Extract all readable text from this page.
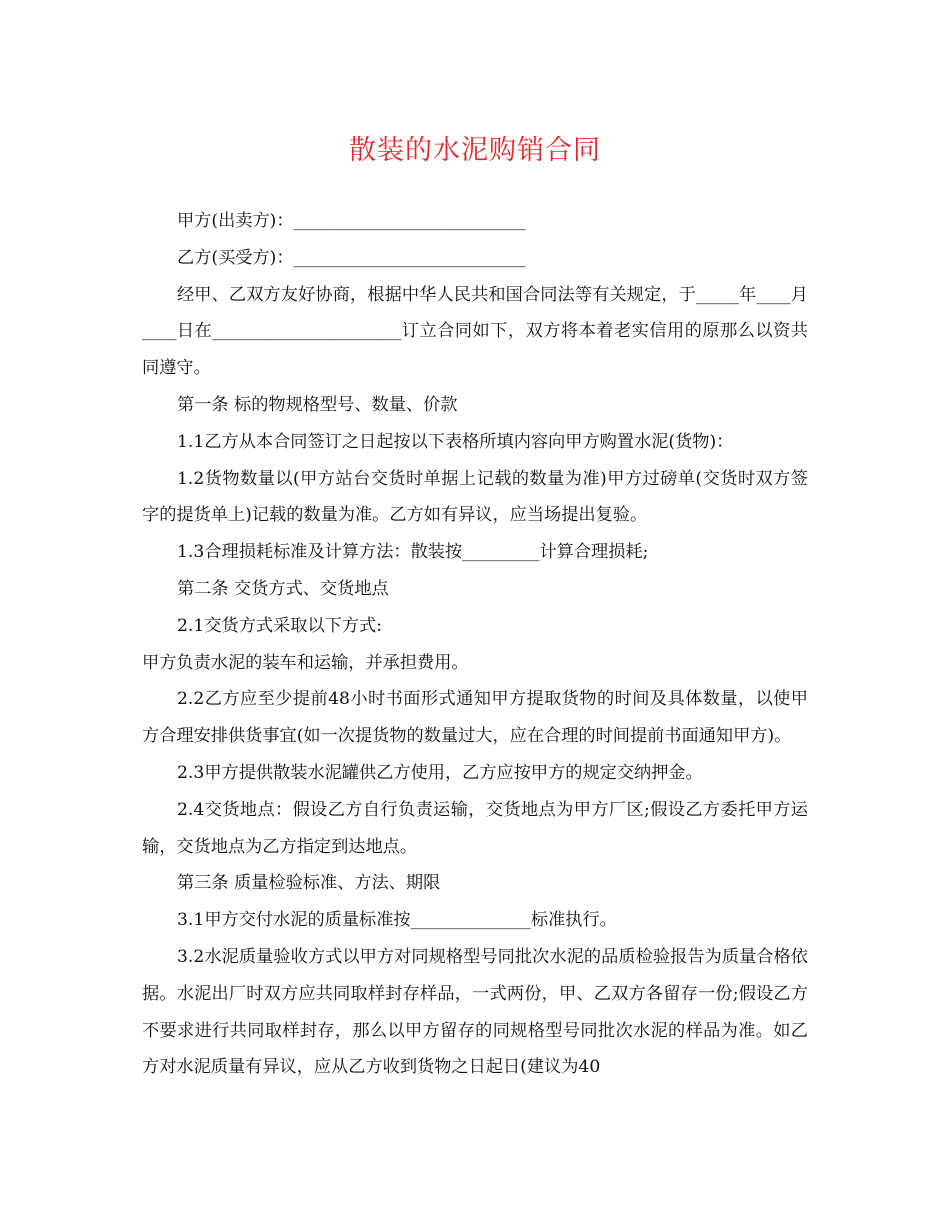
散装的水泥购销合同

甲方(出卖方)：___________________________

乙方(买受方)：___________________________

经甲、乙双方友好协商，根据中华人民共和国合同法等有关规定，于_____年____月____日在______________________订立合同如下，双方将本着老实信用的原那么以资共同遵守。

第一条 标的物规格型号、数量、价款

1.1乙方从本合同签订之日起按以下表格所填内容向甲方购置水泥(货物)：

1.2货物数量以(甲方站台交货时单据上记载的数量为准)甲方过磅单(交货时双方签字的提货单上)记载的数量为准。乙方如有异议，应当场提出复验。

1.3合理损耗标准及计算方法：散装按_________计算合理损耗;

第二条 交货方式、交货地点

2.1交货方式采取以下方式:

甲方负责水泥的装车和运输，并承担费用。

2.2乙方应至少提前48小时书面形式通知甲方提取货物的时间及具体数量，以使甲方合理安排供货事宜(如一次提货物的数量过大，应在合理的时间提前书面通知甲方)。

2.3甲方提供散装水泥罐供乙方使用，乙方应按甲方的规定交纳押金。

2.4交货地点：假设乙方自行负责运输，交货地点为甲方厂区;假设乙方委托甲方运输，交货地点为乙方指定到达地点。

第三条 质量检验标准、方法、期限

3.1甲方交付水泥的质量标准按______________标准执行。

3.2水泥质量验收方式以甲方对同规格型号同批次水泥的品质检验报告为质量合格依据。水泥出厂时双方应共同取样封存样品，一式两份，甲、乙双方各留存一份;假设乙方不要求进行共同取样封存，那么以甲方留存的同规格型号同批次水泥的样品为准。如乙方对水泥质量有异议，应从乙方收到货物之日起日(建议为40
